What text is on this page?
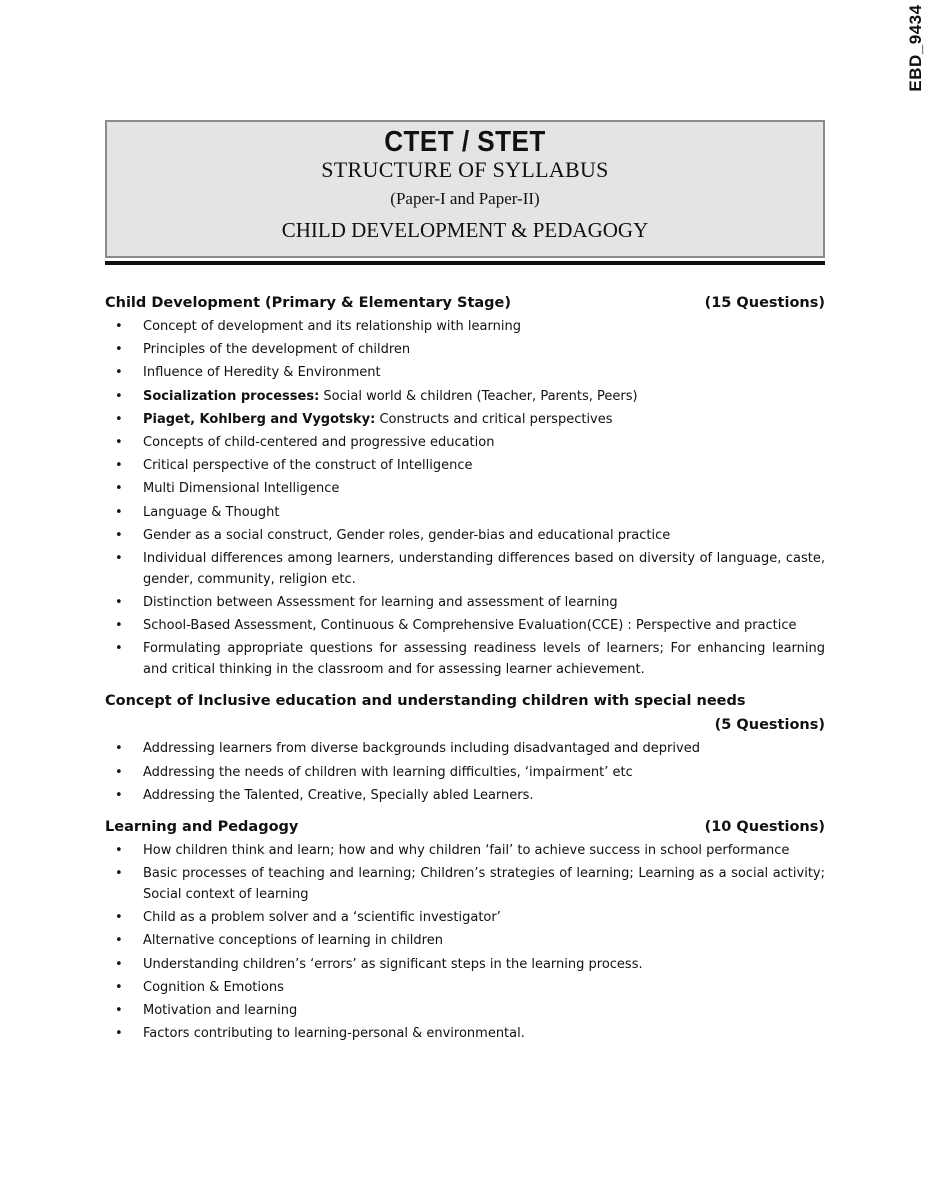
EBD_9434
CTET / STET
STRUCTURE OF SYLLABUS
(Paper-I and Paper-II)
CHILD DEVELOPMENT & PEDAGOGY
Child Development (Primary & Elementary Stage)	(15 Questions)
• Concept of development and its relationship with learning
• Principles of the development of children
• Influence of Heredity & Environment
• Socialization processes: Social world & children (Teacher, Parents, Peers)
• Piaget, Kohlberg and Vygotsky: Constructs and critical perspectives
• Concepts of child-centered and progressive education
• Critical perspective of the construct of Intelligence
• Multi Dimensional Intelligence
• Language & Thought
• Gender as a social construct, Gender roles, gender-bias and educational practice
• Individual differences among learners, understanding differences based on diversity of language, caste, gender, community, religion etc.
• Distinction between Assessment for learning and assessment of learning
• School-Based Assessment, Continuous & Comprehensive Evaluation(CCE) : Perspective and practice
• Formulating appropriate questions for assessing readiness levels of learners; For enhancing learning and critical thinking in the classroom and for assessing learner achievement.
Concept of Inclusive education and understanding children with special needs
(5 Questions)
• Addressing learners from diverse backgrounds including disadvantaged and deprived
• Addressing the needs of children with learning difficulties, ‘impairment’ etc
• Addressing the Talented, Creative, Specially abled Learners.
Learning and Pedagogy	(10 Questions)
• How children think and learn; how and why children ‘fail’ to achieve success in school performance
• Basic processes of teaching and learning; Children’s strategies of learning; Learning as a social activity; Social context of learning
• Child as a problem solver and a ‘scientific investigator’
• Alternative conceptions of learning in children
• Understanding children’s ‘errors’ as significant steps in the learning process.
• Cognition & Emotions
• Motivation and learning
• Factors contributing to learning-personal & environmental.
